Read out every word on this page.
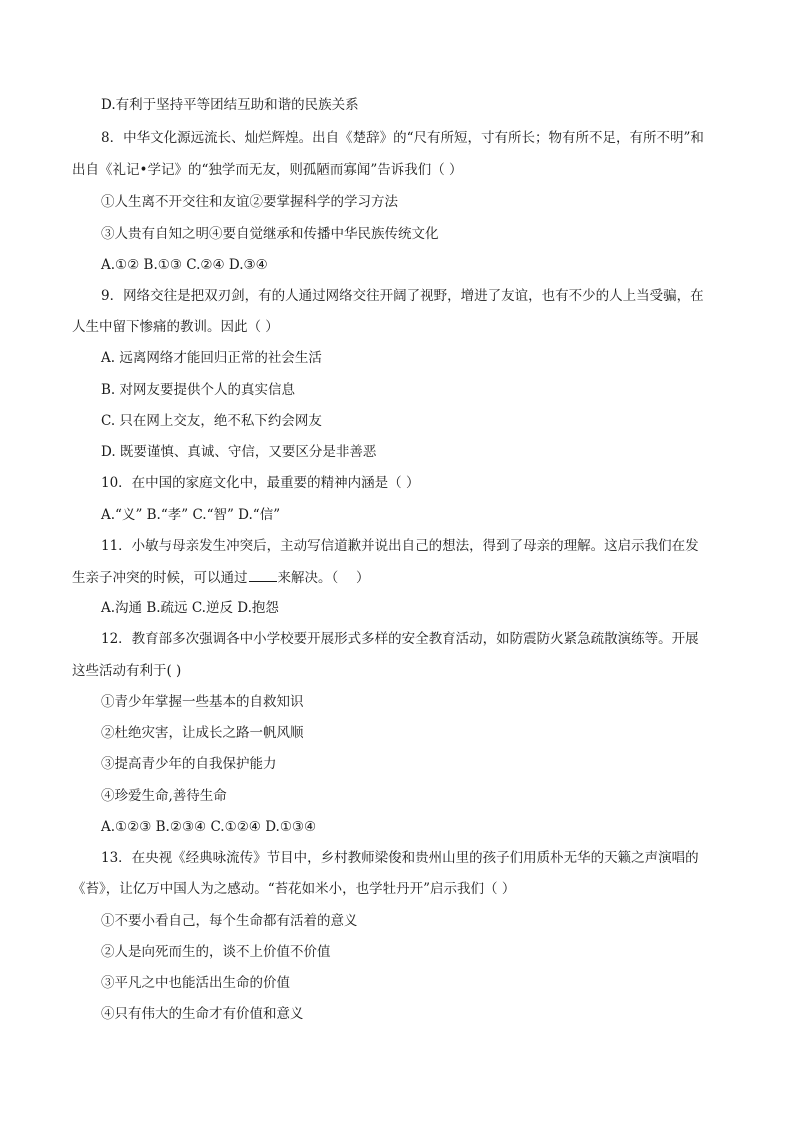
D.有利于坚持平等团结互助和谐的民族关系
8．中华文化源远流长、灿烂辉煌。出自《楚辞》的“尺有所短，寸有所长；物有所不足，有所不明”和
出自《礼记•学记》的“独学而无友，则孤陋而寡闻”告诉我们（ ）
①人生离不开交往和友谊②要掌握科学的学习方法
③人贵有自知之明④要自觉继承和传播中华民族传统文化
A.①② B.①③ C.②④ D.③④
9．网络交往是把双刃剑，有的人通过网络交往开阔了视野，增进了友谊，也有不少的人上当受骗，在
人生中留下惨痛的教训。因此（ ）
A. 远离网络才能回归正常的社会生活
B. 对网友要提供个人的真实信息
C. 只在网上交友，绝不私下约会网友
D. 既要谨慎、真诚、守信，又要区分是非善恶
10．在中国的家庭文化中，最重要的精神内涵是（ ）
A.“义” B.“孝” C.“智” D.“信”
11．小敏与母亲发生冲突后，主动写信道歉并说出自己的想法，得到了母亲的理解。这启示我们在发
生亲子冲突的时候，可以通过 来解决。（　 ）
A.沟通 B.疏远 C.逆反 D.抱怨
12．教育部多次强调各中小学校要开展形式多样的安全教育活动，如防震防火紧急疏散演练等。开展
这些活动有利于( )
①青少年掌握一些基本的自救知识
②杜绝灾害，让成长之路一帆风顺
③提高青少年的自我保护能力
④珍爱生命,善待生命
A.①②③ B.②③④ C.①②④ D.①③④
13．在央视《经典咏流传》节目中，乡村教师梁俊和贵州山里的孩子们用质朴无华的天籁之声演唱的
《苔》，让亿万中国人为之感动。“苔花如米小，也学牡丹开”启示我们（ ）
①不要小看自己，每个生命都有活着的意义
②人是向死而生的，谈不上价值不价值
③平凡之中也能活出生命的价值
④只有伟大的生命才有价值和意义
